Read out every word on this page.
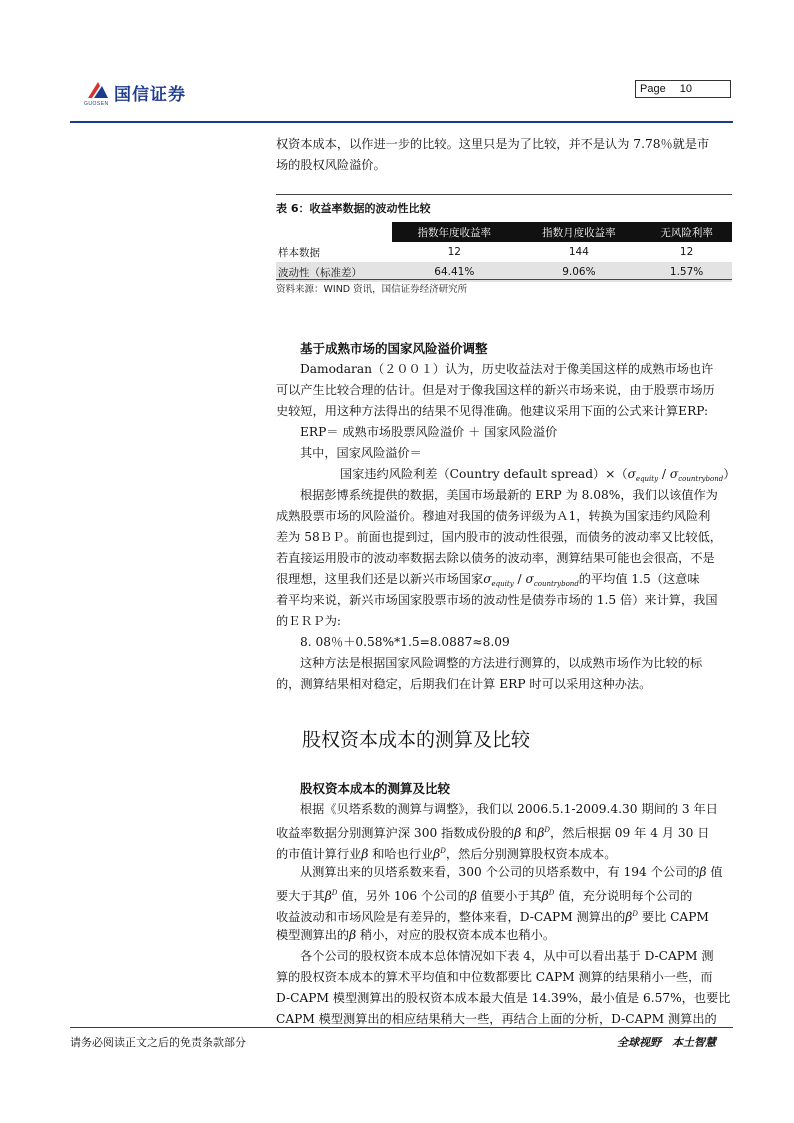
国信证券
GUOSEN
Page 10
权资本成本，以作进一步的比较。这里只是为了比较，并不是认为 7.78％就是市
场的股权风险溢价。
表 6：收益率数据的波动性比较
	指数年度收益率	指数月度收益率	无风险利率
样本数据	12	144	12
波动性（标准差）	64.41%	9.06%	1.57%
资料来源：WIND 资讯，国信证券经济研究所
基于成熟市场的国家风险溢价调整
Damodaran（２００１）认为，历史收益法对于像美国这样的成熟市场也许
可以产生比较合理的估计。但是对于像我国这样的新兴市场来说，由于股票市场历
史较短，用这种方法得出的结果不见得准确。他建议采用下面的公式来计算ERP:
ERP＝ 成熟市场股票风险溢价 ＋ 国家风险溢价
其中，国家风险溢价＝
国家违约风险利差（Country default $spread)\times(\sigma_{equity} / \sigma_{countrybond})$
根据彭博系统提供的数据，美国市场最新的 ERP 为 8.08%，我们以该值作为
成熟股票市场的风险溢价。穆迪对我国的债务评级为Ａ1，转换为国家违约风险利
差为 58ＢＰ。前面也提到过，国内股市的波动性很强，而债务的波动率又比较低，
若直接运用股市的波动率数据去除以债务的波动率，测算结果可能也会很高，不是
很理想，这里我们还是以新兴市场国家$\sigma_{equity} / \sigma_{countrybond}$的平均值 1.5（这意味
着平均来说，新兴市场国家股票市场的波动性是债券市场的 1.5 倍）来计算，我国
的ＥＲＰ为:
8. 08％＋0.58%*1.5=8.0887≈8.09
这种方法是根据国家风险调整的方法进行测算的，以成熟市场作为比较的标
的，测算结果相对稳定，后期我们在计算 ERP 时可以采用这种办法。
股权资本成本的测算及比较
股权资本成本的测算及比较
根据《贝塔系数的测算与调整》，我们以 2006.5.1-2009.4.30 期间的 3 年日
收益率数据分别测算沪深 300 指数成份股的β 和$\beta^D$，然后根据 09 年 4 月 30 日
的市值计算行业β 和哈也行业$\beta^D$，然后分别测算股权资本成本。
从测算出来的贝塔系数来看，300 个公司的贝塔系数中，有 194 个公司的β 值
要大于其$\beta^D$ 值，另外 106 个公司的β 值要小于其$\beta^D$ 值，充分说明每个公司的
收益波动和市场风险是有差异的，整体来看，D-CAPM 测算出的$\beta^D$ 要比 CAPM
模型测算出的β 稍小，对应的股权资本成本也稍小。
各个公司的股权资本成本总体情况如下表 4，从中可以看出基于 D-CAPM 测
算的股权资本成本的算术平均值和中位数都要比 CAPM 测算的结果稍小一些，而
D-CAPM 模型测算出的股权资本成本最大值是 14.39%，最小值是 6.57%，也要比
CAPM 模型测算出的相应结果稍大一些，再结合上面的分析，D-CAPM 测算出的
请务必阅读正文之后的免责条款部分	全球视野　本土智慧
